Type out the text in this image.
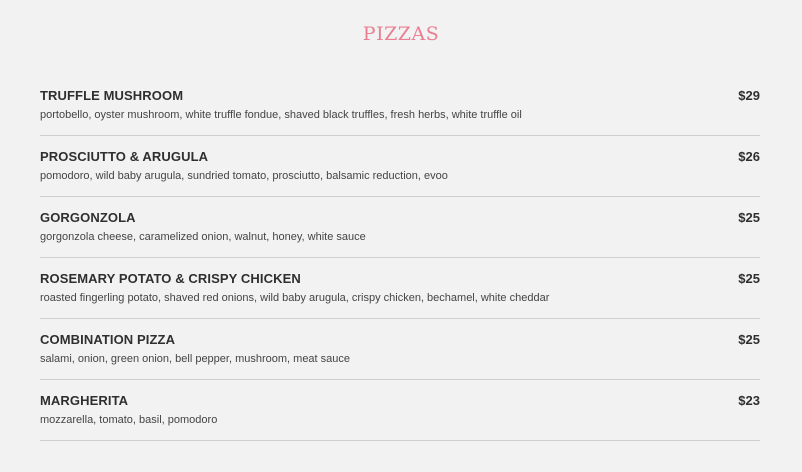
PIZZAS
TRUFFLE MUSHROOM	$29
portobello, oyster mushroom, white truffle fondue, shaved black truffles, fresh herbs, white truffle oil
PROSCIUTTO & ARUGULA	$26
pomodoro, wild baby arugula, sundried tomato, prosciutto, balsamic reduction, evoo
GORGONZOLA	$25
gorgonzola cheese, caramelized onion, walnut, honey, white sauce
ROSEMARY POTATO & CRISPY CHICKEN	$25
roasted fingerling potato, shaved red onions, wild baby arugula, crispy chicken, bechamel, white cheddar
COMBINATION PIZZA	$25
salami, onion, green onion, bell pepper, mushroom, meat sauce
MARGHERITA	$23
mozzarella, tomato, basil, pomodoro
